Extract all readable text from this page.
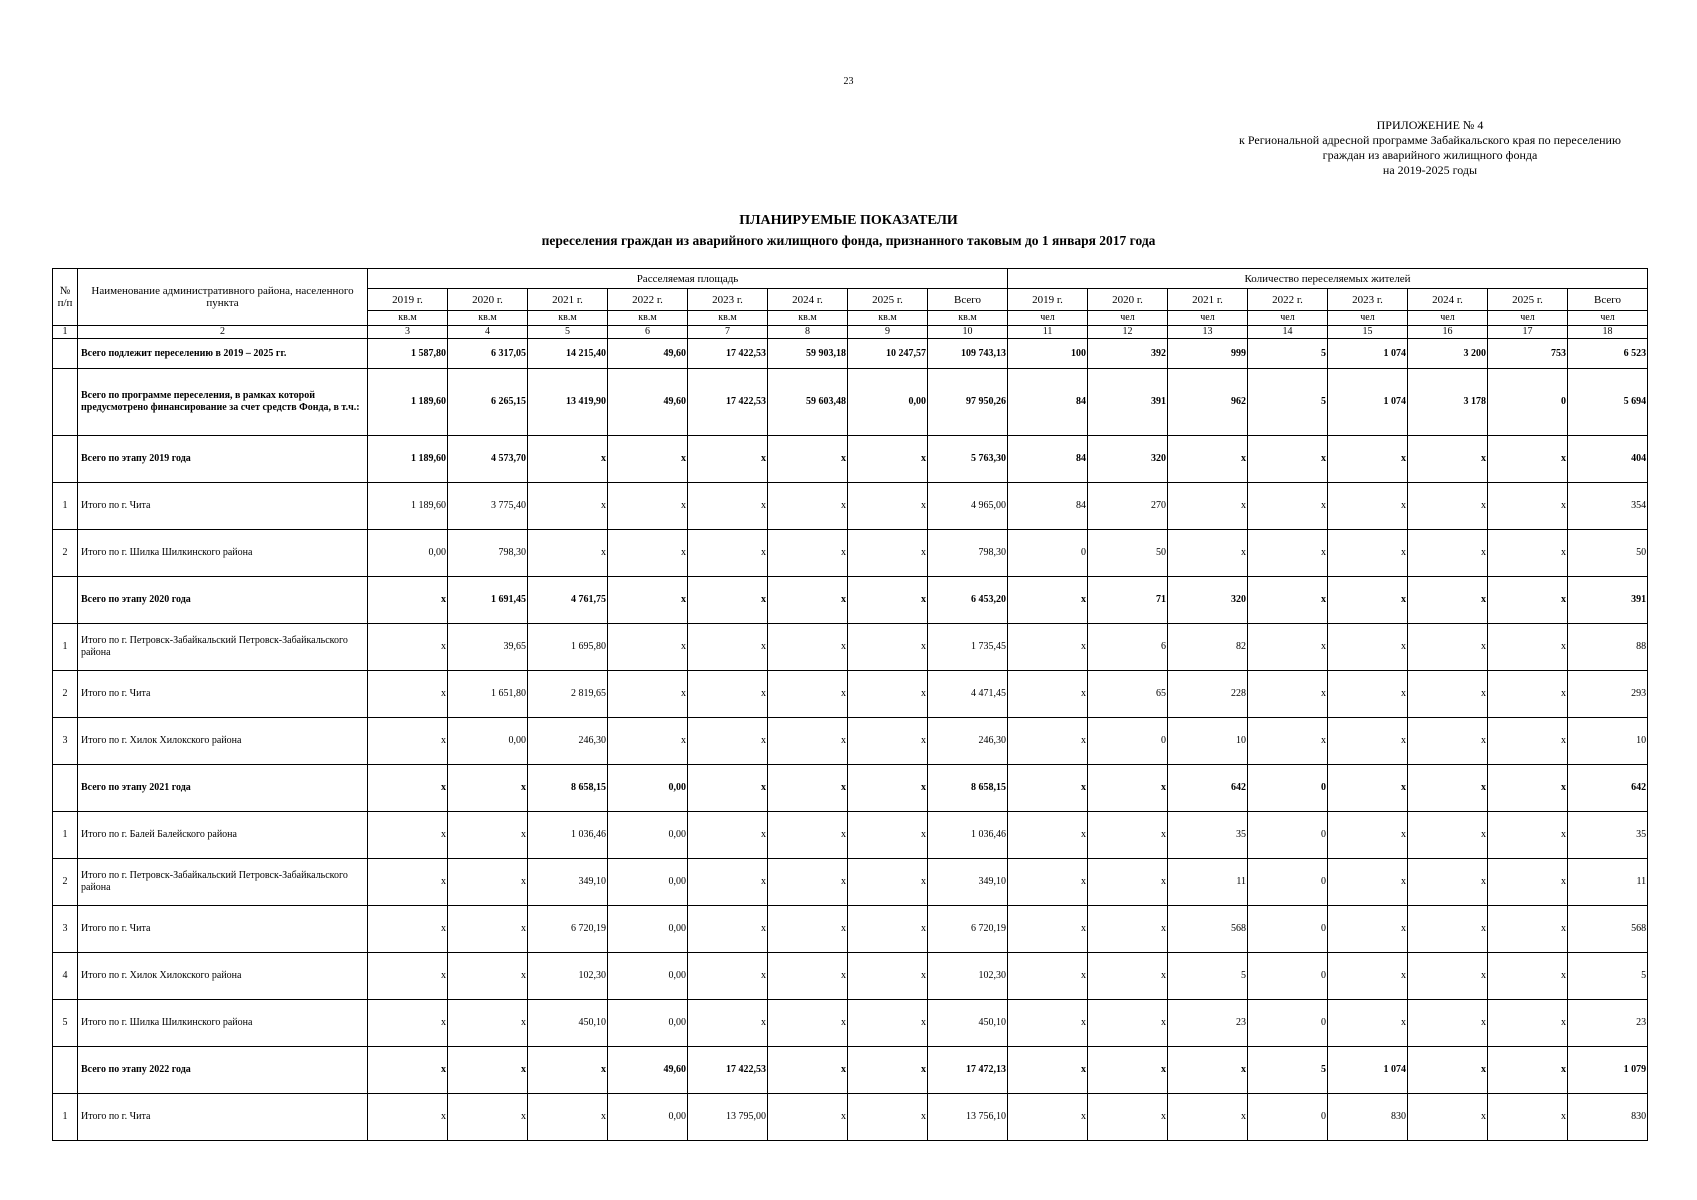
23
ПРИЛОЖЕНИЕ № 4
к Региональной адресной программе Забайкальского края по переселению
граждан из аварийного жилищного фонда
на 2019-2025 годы
ПЛАНИРУЕМЫЕ ПОКАЗАТЕЛИ
переселения граждан из аварийного жилищного фонда, признанного таковым до 1 января 2017 года
№ п/п	Наименование административного района, населенного пункта	Расселяемая площадь								Количество переселяемых жителей							
		2019 г.	2020 г.	2021 г.	2022 г.	2023 г.	2024 г.	2025 г.	Всего	2019 г.	2020 г.	2021 г.	2022 г.	2023 г.	2024 г.	2025 г.	Всего
		кв.м	кв.м	кв.м	кв.м	кв.м	кв.м	кв.м	кв.м	чел	чел	чел	чел	чел	чел	чел	чел
1	2	3	4	5	6	7	8	9	10	11	12	13	14	15	16	17	18
	Всего подлежит переселению в 2019 – 2025 гг.	1 587,80	6 317,05	14 215,40	49,60	17 422,53	59 903,18	10 247,57	109 743,13	100	392	999	5	1 074	3 200	753	6 523
	Всего по программе переселения, в рамках которой предусмотрено финансирование за счет средств Фонда, в т.ч.:	1 189,60	6 265,15	13 419,90	49,60	17 422,53	59 603,48	0,00	97 950,26	84	391	962	5	1 074	3 178	0	5 694
	Всего по этапу 2019 года	1 189,60	4 573,70	x	x	x	x	x	5 763,30	84	320	x	x	x	x	x	404
1	Итого по г. Чита	1 189,60	3 775,40	x	x	x	x	x	4 965,00	84	270	x	x	x	x	x	354
2	Итого по г. Шилка Шилкинского района	0,00	798,30	x	x	x	x	x	798,30	0	50	x	x	x	x	x	50
	Всего по этапу 2020 года	x	1 691,45	4 761,75	x	x	x	x	6 453,20	x	71	320	x	x	x	x	391
1	Итого по г. Петровск-Забайкальский Петровск-Забайкальского района	x	39,65	1 695,80	x	x	x	x	1 735,45	x	6	82	x	x	x	x	88
2	Итого по г. Чита	x	1 651,80	2 819,65	x	x	x	x	4 471,45	x	65	228	x	x	x	x	293
3	Итого по г. Хилок Хилокского района	x	0,00	246,30	x	x	x	x	246,30	x	0	10	x	x	x	x	10
	Всего по этапу 2021 года	x	x	8 658,15	0,00	x	x	x	8 658,15	x	x	642	0	x	x	x	642
1	Итого по г. Балей Балейского района	x	x	1 036,46	0,00	x	x	x	1 036,46	x	x	35	0	x	x	x	35
2	Итого по г. Петровск-Забайкальский Петровск-Забайкальского района	x	x	349,10	0,00	x	x	x	349,10	x	x	11	0	x	x	x	11
3	Итого по г. Чита	x	x	6 720,19	0,00	x	x	x	6 720,19	x	x	568	0	x	x	x	568
4	Итого по г. Хилок Хилокского района	x	x	102,30	0,00	x	x	x	102,30	x	x	5	0	x	x	x	5
5	Итого по г. Шилка Шилкинского района	x	x	450,10	0,00	x	x	x	450,10	x	x	23	0	x	x	x	23
	Всего по этапу 2022 года	x	x	x	49,60	17 422,53	x	x	17 472,13	x	x	x	5	1 074	x	x	1 079
1	Итого по г. Чита	x	x	x	0,00	13 795,00	x	x	13 756,10	x	x	x	0	830	x	x	830
